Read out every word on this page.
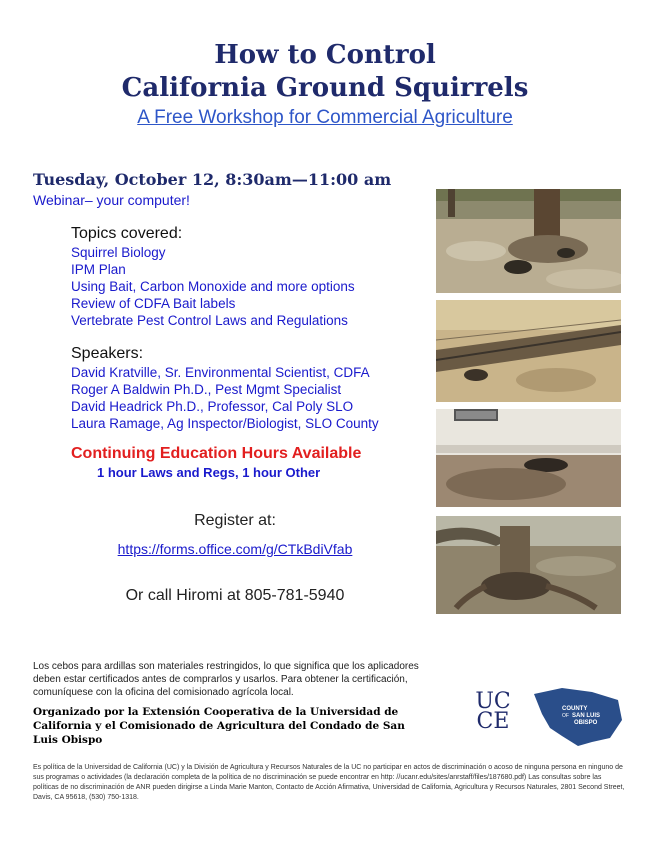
How to Control
California Ground Squirrels
A Free Workshop for Commercial Agriculture
Tuesday, October 12, 8:30am—11:00 am
Webinar– your computer!
Topics covered:
Squirrel Biology
IPM Plan
Using Bait, Carbon Monoxide and more options
Review of CDFA Bait labels
Vertebrate Pest Control Laws and Regulations
Speakers:
David Kratville, Sr. Environmental Scientist, CDFA
Roger A Baldwin Ph.D., Pest Mgmt Specialist
David Headrick Ph.D., Professor, Cal Poly SLO
Laura Ramage, Ag Inspector/Biologist, SLO County
Continuing Education Hours Available
1 hour Laws and Regs, 1 hour Other
Register at:
https://forms.office.com/g/CTkBdiVfab
Or call Hiromi at 805-781-5940
Los cebos para ardillas son materiales restringidos, lo que significa que los aplicadores deben estar certificados antes de comprarlos y usarlos. Para obtener la certificación, comuníquese con la oficina del comisionado agrícola local.
Organizado por la Extensión Cooperativa de la Universidad de California y el Comisionado de Agricultura del Condado de San Luis Obispo
UC
CE	COUNTY
OF SAN LUIS
OBISPO
Es política de la Universidad de California (UC) y la División de Agricultura y Recursos Naturales de la UC no participar en actos de discriminación o acoso de ninguna persona en ninguno de sus programas o actividades (la declaración completa de la política de no discriminación se puede encontrar en http: //ucanr.edu/sites/anrstaff/files/187680.pdf) Las consultas sobre las políticas de no discriminación de ANR pueden dirigirse a Linda Marie Manton, Contacto de Acción Afirmativa, Universidad de California, Agricultura y Recursos Naturales, 2801 Second Street, Davis, CA 95618, (530) 750-1318.
